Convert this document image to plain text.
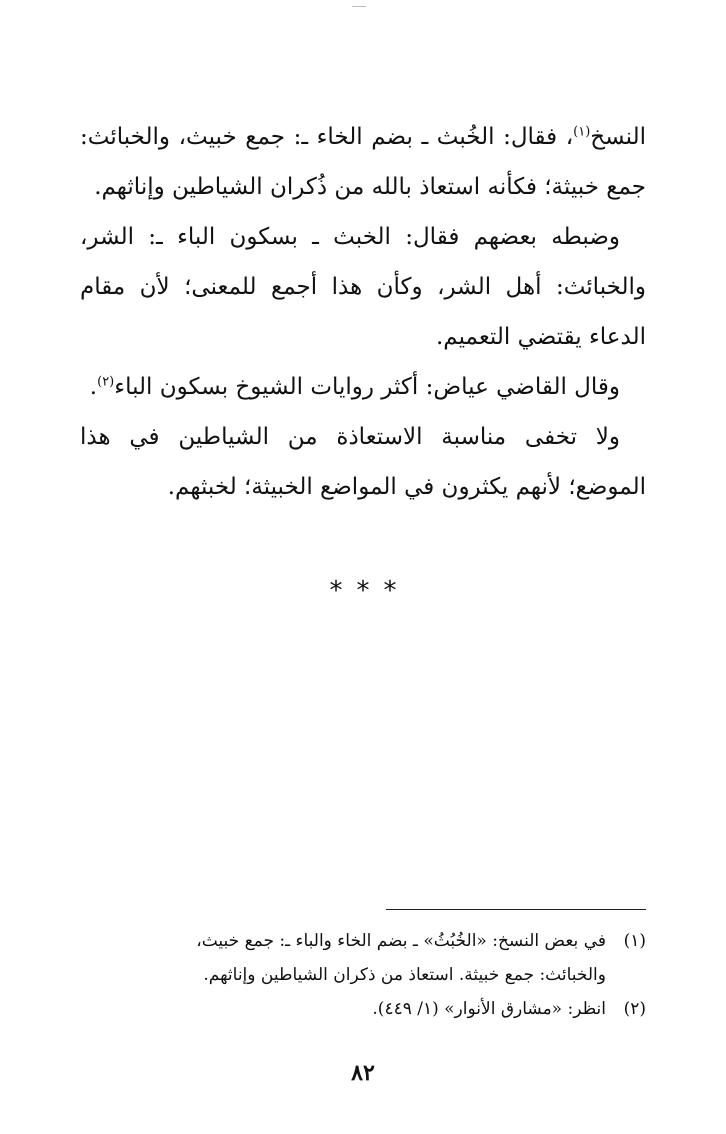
النسخ$^{(١)}$، فقال: الخُبث ـ بضم الخاء ـ: جمع خبيث، والخبائث: جمع خبيثة؛ فكأنه استعاذ بالله من ذُكران الشياطين وإناثهم.

وضبطه بعضهم فقال: الخبث ـ بسكون الباء ـ: الشر، والخبائث: أهل الشر، وكأن هذا أجمع للمعنى؛ لأن مقام الدعاء يقتضي التعميم.

وقال القاضي عياض: أكثر روايات الشيوخ بسكون الباء$^{(٢)}$.

ولا تخفى مناسبة الاستعاذة من الشياطين في هذا الموضع؛ لأنهم يكثرون في المواضع الخبيثة؛ لخبثهم.

* * *
(١)

في بعض النسخ: «الخُبُثُ» ـ بضم الخاء والباء ـ: جمع خبيث،

والخبائث: جمع خبيثة. استعاذ من ذكران الشياطين وإناثهم.

(٢)

انظر: «مشارق الأنوار» (١/ ٤٤٩).

٨٢
